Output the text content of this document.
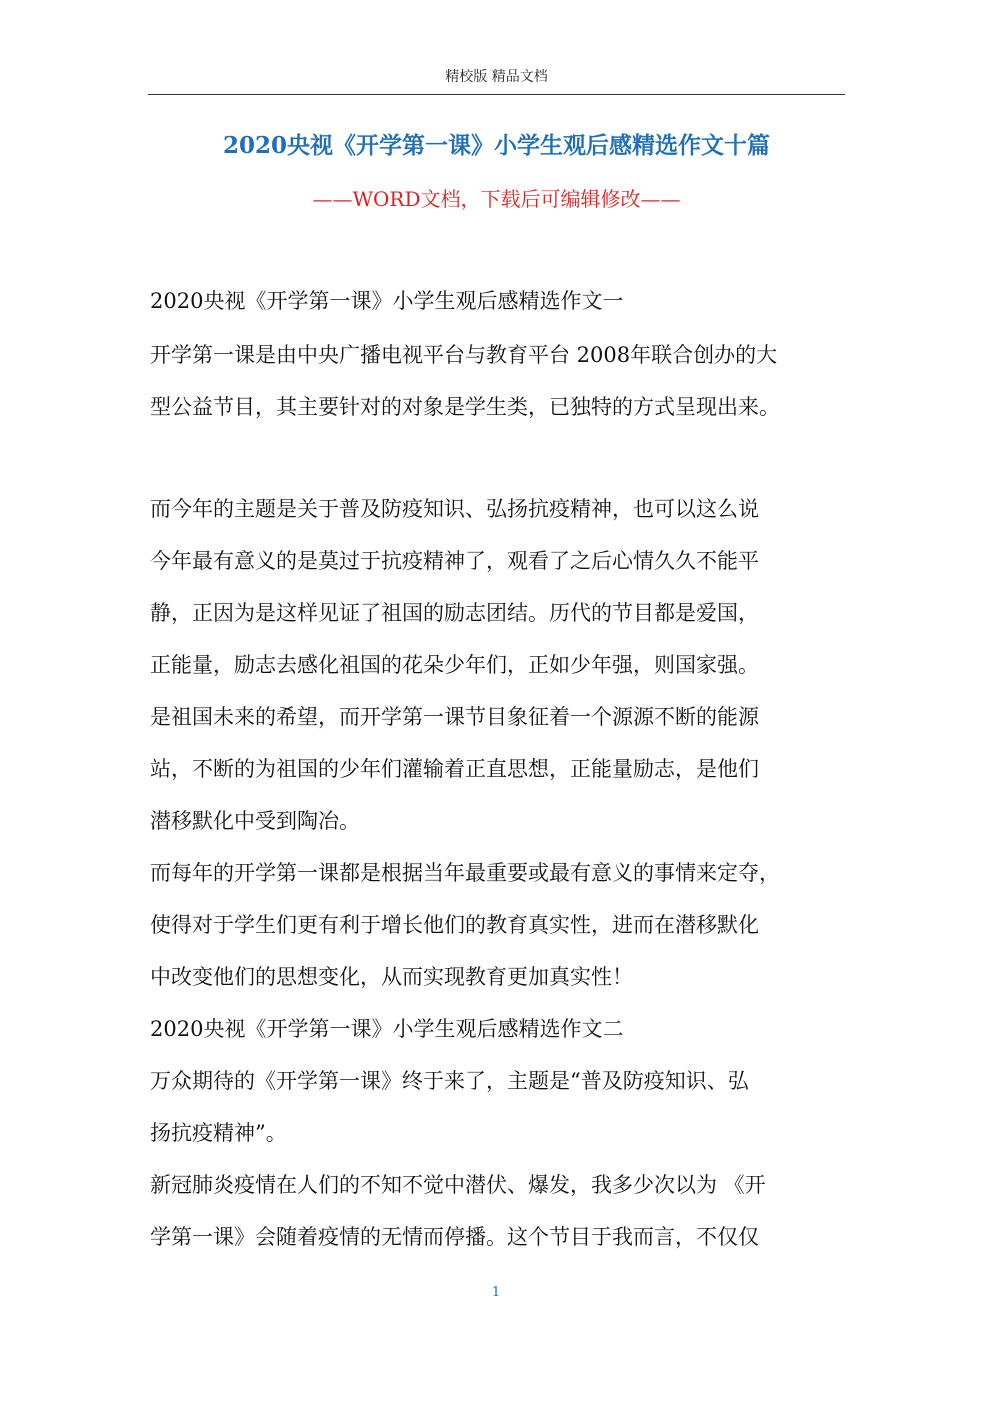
精校版 精品文档
2020央视《开学第一课》小学生观后感精选作文十篇
——WORD文档，下载后可编辑修改——
2020央视《开学第一课》小学生观后感精选作文一
开学第一课是由中央广播电视平台与教育平台 2008年联合创办的大
型公益节目，其主要针对的对象是学生类，已独特的方式呈现出来。
而今年的主题是关于普及防疫知识、弘扬抗疫精神，也可以这么说
今年最有意义的是莫过于抗疫精神了，观看了之后心情久久不能平
静，正因为是这样见证了祖国的励志团结。历代的节目都是爱国，
正能量，励志去感化祖国的花朵少年们，正如少年强，则国家强。
是祖国未来的希望，而开学第一课节目象征着一个源源不断的能源
站，不断的为祖国的少年们灌输着正直思想，正能量励志，是他们
潜移默化中受到陶冶。
而每年的开学第一课都是根据当年最重要或最有意义的事情来定夺，
使得对于学生们更有利于增长他们的教育真实性，进而在潜移默化
中改变他们的思想变化，从而实现教育更加真实性！
2020央视《开学第一课》小学生观后感精选作文二
万众期待的《开学第一课》终于来了，主题是“普及防疫知识、弘
扬抗疫精神”。
新冠肺炎疫情在人们的不知不觉中潜伏、爆发，我多少次以为 《开
学第一课》会随着疫情的无情而停播。这个节目于我而言，不仅仅
1
